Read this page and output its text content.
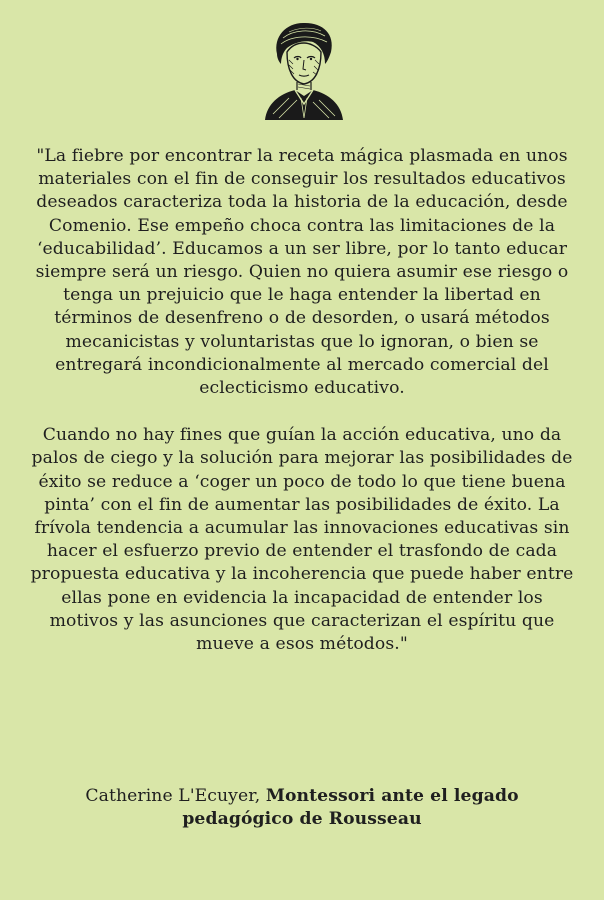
"La fiebre por encontrar la receta mágica plasmada en unos materiales con el fin de conseguir los resultados educativos deseados caracteriza toda la historia de la educación, desde Comenio. Ese empeño choca contra las limitaciones de la ‘educabilidad’. Educamos a un ser libre, por lo tanto educar siempre será un riesgo. Quien no quiera asumir ese riesgo o tenga un prejuicio que le haga entender la libertad en términos de desenfreno o de desorden, o usará métodos mecanicistas y voluntaristas que lo ignoran, o bien se entregará incondicionalmente al mercado comercial del eclecticismo educativo.

Cuando no hay fines que guían la acción educativa, uno da palos de ciego y la solución para mejorar las posibilidades de éxito se reduce a ‘coger un poco de todo lo que tiene buena pinta’ con el fin de aumentar las posibilidades de éxito. La frívola tendencia a acumular las innovaciones educativas sin hacer el esfuerzo previo de entender el trasfondo de cada propuesta educativa y la incoherencia que puede haber entre ellas pone en evidencia la incapacidad de entender los motivos y las asunciones que caracterizan el espíritu que mueve a esos métodos."

Catherine L'Ecuyer, Montessori ante el legado pedagógico de Rousseau
